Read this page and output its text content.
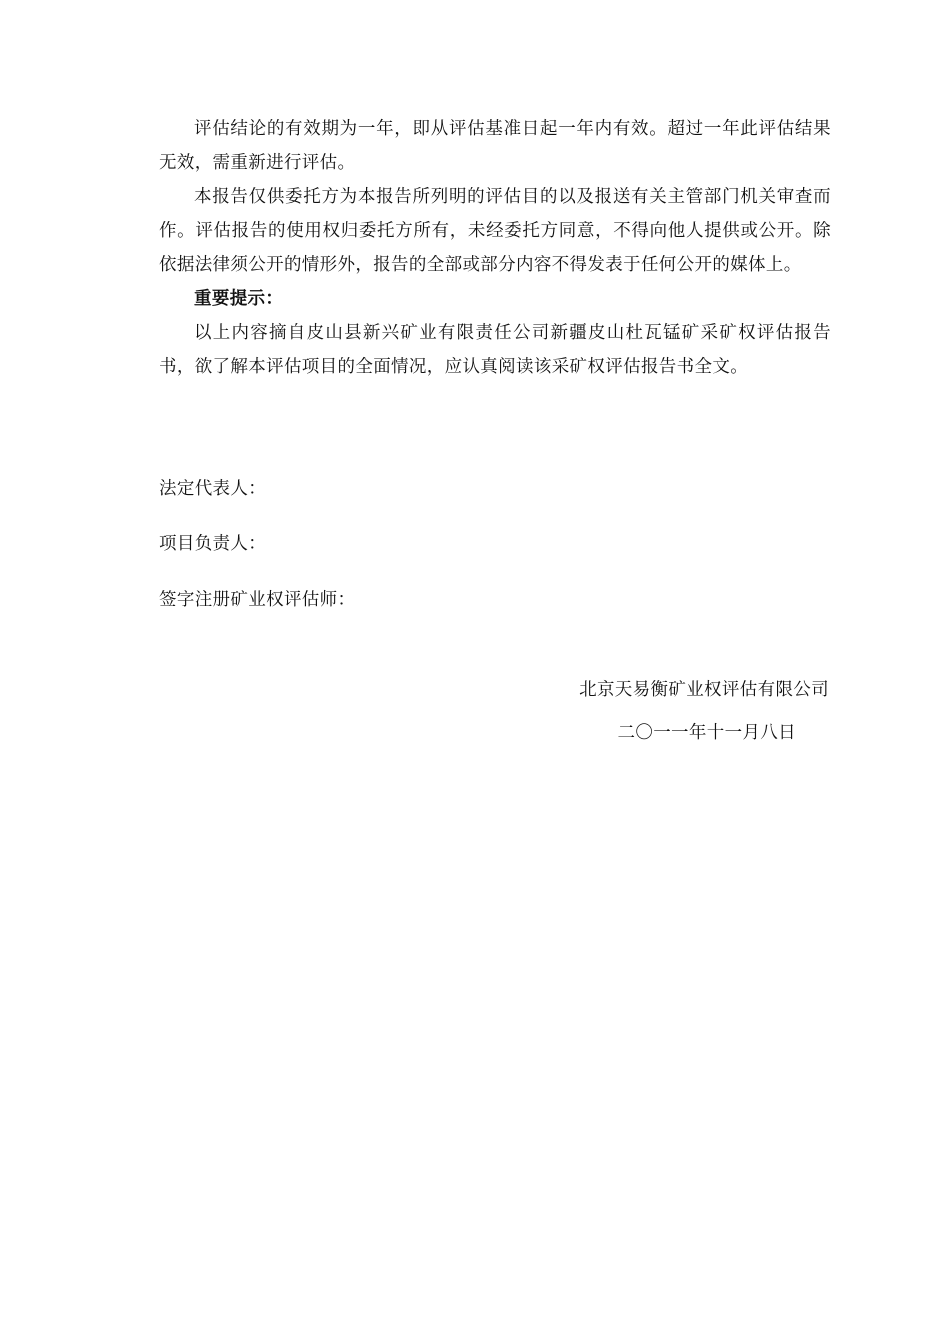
评估结论的有效期为一年，即从评估基准日起一年内有效。超过一年此评估结果无效，需重新进行评估。

本报告仅供委托方为本报告所列明的评估目的以及报送有关主管部门机关审查而作。评估报告的使用权归委托方所有，未经委托方同意，不得向他人提供或公开。除依据法律须公开的情形外，报告的全部或部分内容不得发表于任何公开的媒体上。

重要提示：

以上内容摘自皮山县新兴矿业有限责任公司新疆皮山杜瓦锰矿采矿权评估报告书，欲了解本评估项目的全面情况，应认真阅读该采矿权评估报告书全文。

法定代表人：
项目负责人：
签字注册矿业权评估师：
北京天易衡矿业权评估有限公司
二〇一一年十一月八日
